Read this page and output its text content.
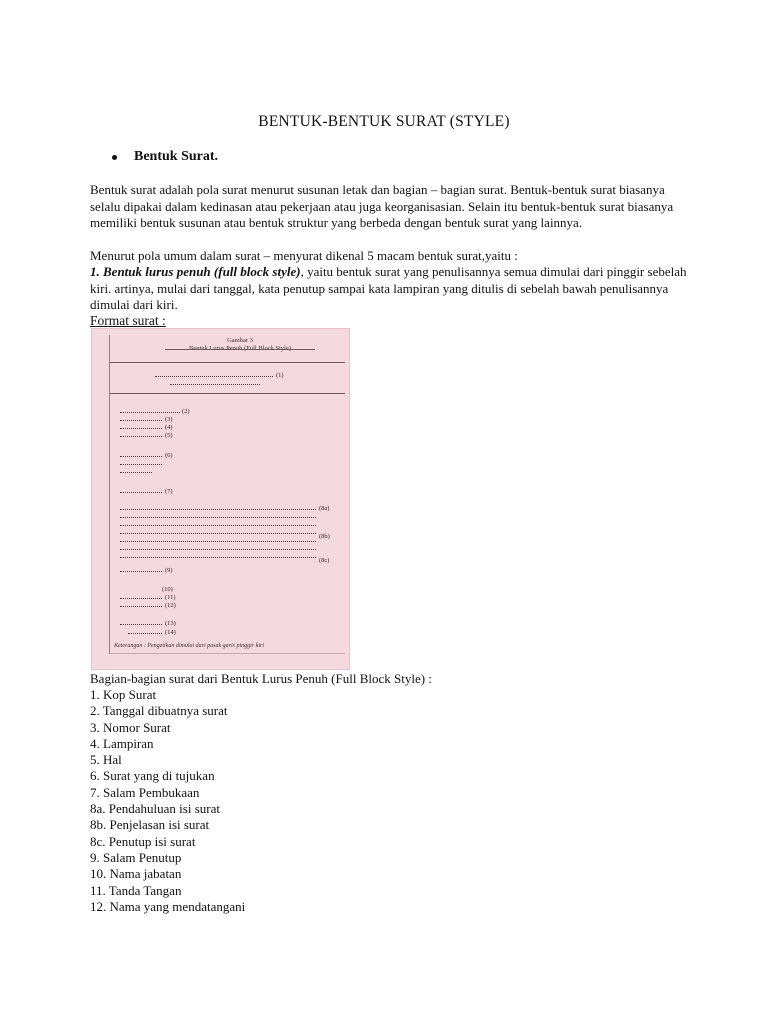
BENTUK-BENTUK SURAT (STYLE)
Bentuk Surat.
Bentuk surat adalah pola surat menurut susunan letak dan bagian – bagian surat. Bentuk-bentuk surat biasanya selalu dipakai dalam kedinasan atau pekerjaan atau juga keorganisasian. Selain itu bentuk-bentuk surat biasanya memiliki bentuk susunan atau bentuk struktur yang berbeda dengan bentuk surat yang lainnya.
Menurut pola umum dalam surat – menyurat dikenal 5 macam bentuk surat,yaitu :
1. Bentuk lurus penuh (full block style), yaitu bentuk surat yang penulisannya semua dimulai dari pinggir sebelah kiri. artinya, mulai dari tanggal, kata penutup sampai kata lampiran yang ditulis di sebelah bawah penulisannya dimulai dari kiri.
Format surat :
Gambar 3
Bentuk Lurus Penuh (Full Block Style)
(1)
(2)
(3)
(4)
(5)
(6)
(7)
(8a)
(8b)
(8c)
(9)
(10)
(11)
(12)
(13)
(14)
Keterangan : Pengetikan dimulai dari pasak garis pinggir kiri
Bagian-bagian surat dari Bentuk Lurus Penuh (Full Block Style) :
1. Kop Surat
2. Tanggal dibuatnya surat
3. Nomor Surat
4. Lampiran
5. Hal
6. Surat yang di tujukan
7. Salam Pembukaan
8a. Pendahuluan isi surat
8b. Penjelasan isi surat
8c. Penutup isi surat
9. Salam Penutup
10. Nama jabatan
11. Tanda Tangan
12. Nama yang mendatangani
